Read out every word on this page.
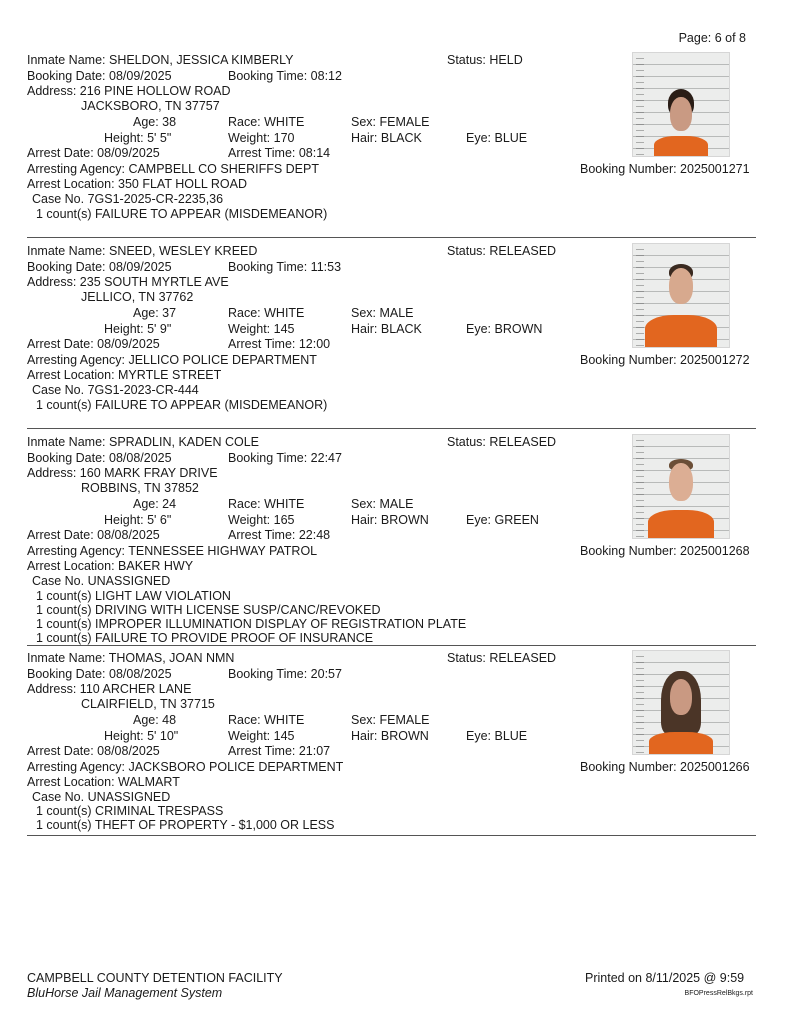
Page: 6 of 8
Inmate Name: SHELDON, JESSICA KIMBERLY	Status: HELD
Booking Date: 08/09/2025	Booking Time: 08:12
Address: 216 PINE HOLLOW ROAD
JACKSBORO, TN 37757
Age: 38	Race: WHITE	Sex: FEMALE
Height: 5' 5"	Weight: 170	Hair: BLACK	Eye: BLUE
Arrest Date: 08/09/2025	Arrest Time: 08:14
Arresting Agency: CAMPBELL CO SHERIFFS DEPT	Booking Number: 2025001271
Arrest Location: 350 FLAT HOLL ROAD
Case No. 7GS1-2025-CR-2235,36
1 count(s) FAILURE TO APPEAR (MISDEMEANOR)
Inmate Name: SNEED, WESLEY KREED	Status: RELEASED
Booking Date: 08/09/2025	Booking Time: 11:53
Address: 235 SOUTH MYRTLE AVE
JELLICO, TN 37762
Age: 37	Race: WHITE	Sex: MALE
Height: 5' 9"	Weight: 145	Hair: BLACK	Eye: BROWN
Arrest Date: 08/09/2025	Arrest Time: 12:00
Arresting Agency: JELLICO POLICE DEPARTMENT	Booking Number: 2025001272
Arrest Location: MYRTLE STREET
Case No. 7GS1-2023-CR-444
1 count(s) FAILURE TO APPEAR (MISDEMEANOR)
Inmate Name: SPRADLIN, KADEN COLE	Status: RELEASED
Booking Date: 08/08/2025	Booking Time: 22:47
Address: 160 MARK FRAY DRIVE
ROBBINS, TN 37852
Age: 24	Race: WHITE	Sex: MALE
Height: 5' 6"	Weight: 165	Hair: BROWN	Eye: GREEN
Arrest Date: 08/08/2025	Arrest Time: 22:48
Arresting Agency: TENNESSEE HIGHWAY PATROL	Booking Number: 2025001268
Arrest Location: BAKER HWY
Case No. UNASSIGNED
1 count(s) LIGHT LAW VIOLATION
1 count(s) DRIVING WITH LICENSE SUSP/CANC/REVOKED
1 count(s) IMPROPER ILLUMINATION DISPLAY OF REGISTRATION PLATE
1 count(s) FAILURE TO PROVIDE PROOF OF INSURANCE
Inmate Name: THOMAS, JOAN NMN	Status: RELEASED
Booking Date: 08/08/2025	Booking Time: 20:57
Address: 110 ARCHER LANE
CLAIRFIELD, TN 37715
Age: 48	Race: WHITE	Sex: FEMALE
Height: 5' 10"	Weight: 145	Hair: BROWN	Eye: BLUE
Arrest Date: 08/08/2025	Arrest Time: 21:07
Arresting Agency: JACKSBORO POLICE DEPARTMENT	Booking Number: 2025001266
Arrest Location: WALMART
Case No. UNASSIGNED
1 count(s) CRIMINAL TRESPASS
1 count(s) THEFT OF PROPERTY - $1,000 OR LESS
CAMPBELL COUNTY DETENTION FACILITY
BluHorse Jail Management System
Printed on 8/11/2025 @ 9:59
BFOPressRelBkgs.rpt
